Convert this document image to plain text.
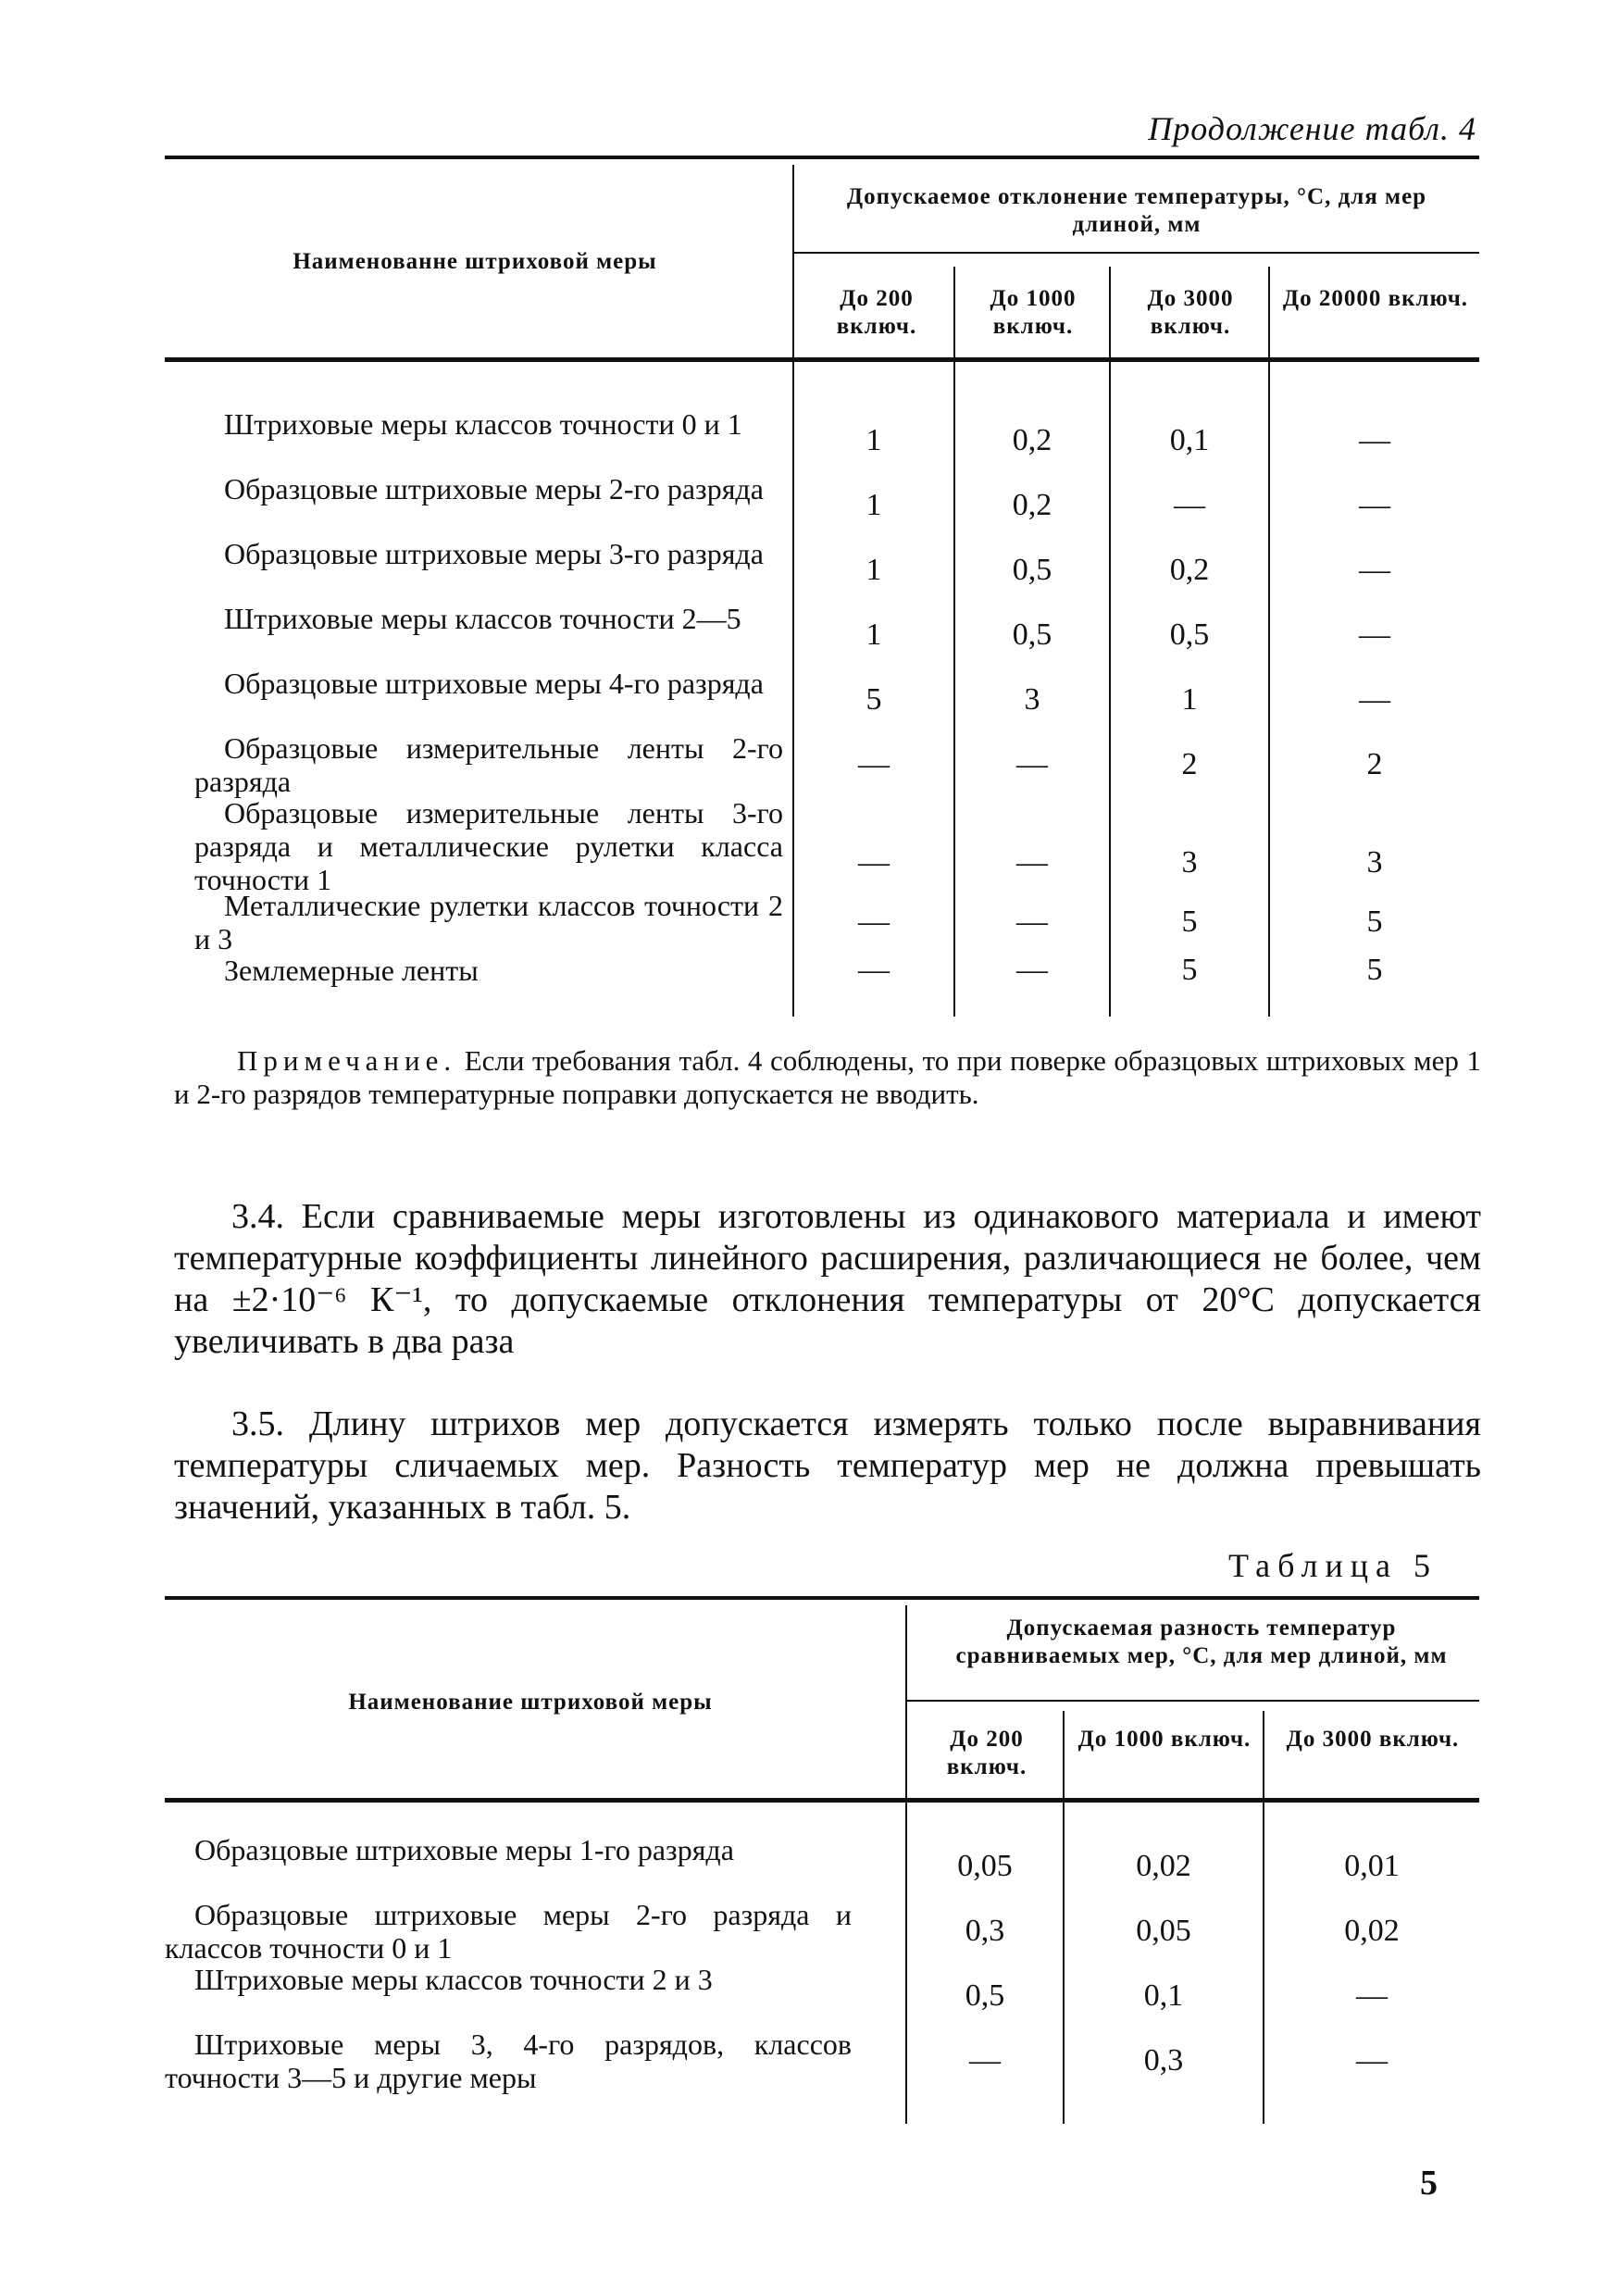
Продолжение табл. 4
Наименованне штриховой меры
Допускаемое отклонение температуры, °С, для мер длиной, мм
До 200 включ.
До 1000 включ.
До 3000 включ.
До 20000 включ.
Штриховые меры классов точности 0 и 1	1	0,2	0,1	—
Образцовые штриховые меры 2-го разряда	1	0,2	—	—
Образцовые штриховые меры 3-го разряда	1	0,5	0,2	—
Штриховые меры классов точности 2—5	1	0,5	0,5	—
Образцовые штриховые меры 4-го разряда	5	3	1	—
Образцовые измерительные ленты 2-го разряда	—	—	2	2
Образцовые измерительные ленты 3-го разряда и металлические рулетки класса точности 1	—	—	3	3
Металлические рулетки классов точности 2 и 3	—	—	5	5
Землемерные ленты	—	—	5	5
Примечание. Если требования табл. 4 соблюдены, то при поверке образцовых штриховых мер 1 и 2-го разрядов температурные поправки допускается не вводить.
3.4. Если сравниваемые меры изготовлены из одинакового материала и имеют температурные коэффициенты линейного расширения, различающиеся не более, чем на ±2·10⁻⁶ К⁻¹, то допускаемые отклонения температуры от 20°С допускается увеличивать в два раза
3.5. Длину штрихов мер допускается измерять только после выравнивания температуры сличаемых мер. Разность температур мер не должна превышать значений, указанных в табл. 5.
Таблица 5
Наименование штриховой меры
Допускаемая разность температур сравниваемых мер, °С, для мер длиной, мм
До 200 включ.
До 1000 включ.	До 3000 включ.
Образцовые штриховые меры 1-го разряда	0,05	0,02	0,01
Образцовые штриховые меры 2-го разряда и классов точности 0 и 1	0,3	0,05	0,02
Штриховые меры классов точности 2 и 3	0,5	0,1	—
Штриховые меры 3, 4-го разрядов, классов точности 3—5 и другие меры	—	0,3	—
5
